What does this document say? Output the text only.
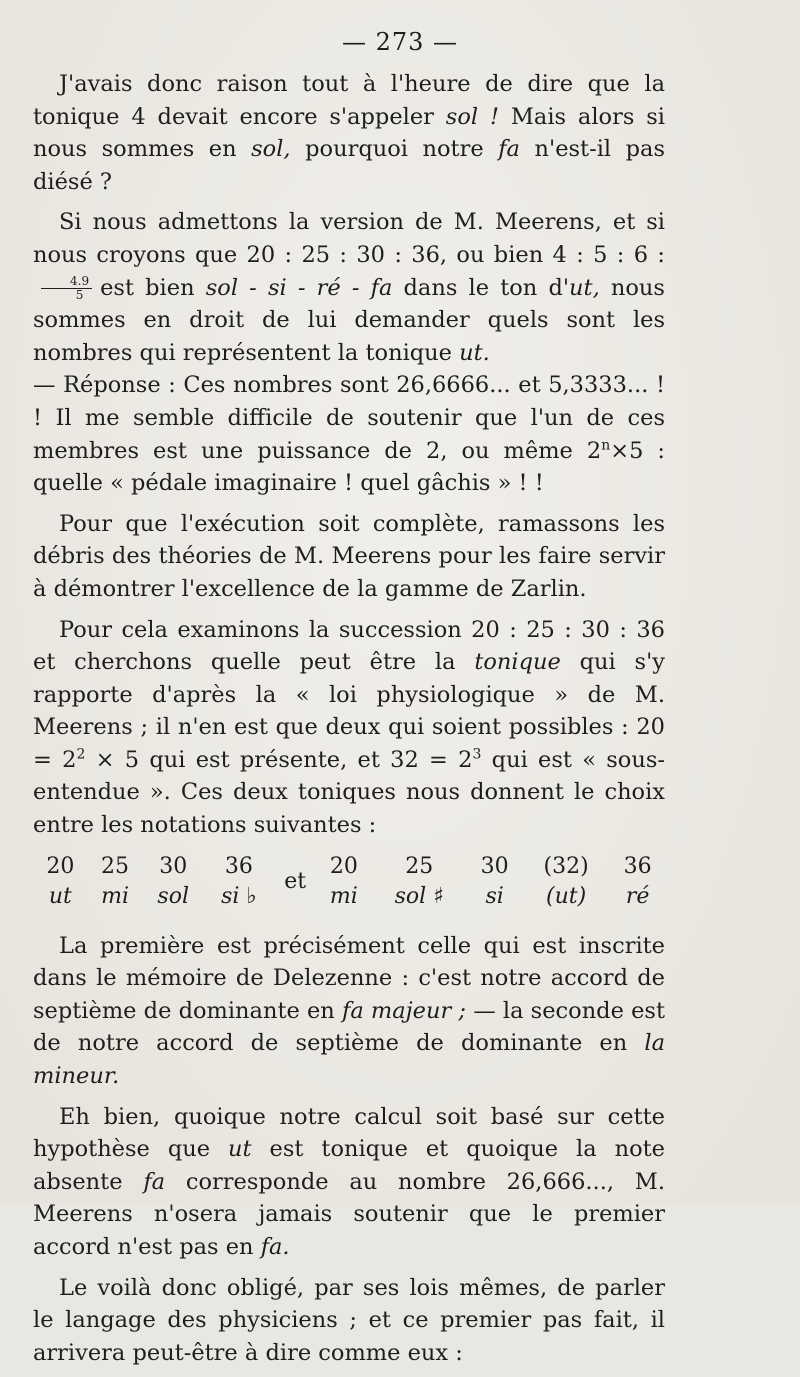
— 273 —

J'avais donc raison tout à l'heure de dire que la tonique 4 devait encore s'appeler sol ! Mais alors si nous sommes en sol, pourquoi notre fa n'est-il pas diésé ?

Si nous admettons la version de M. Meerens, et si nous croyons que 20 : 25 : 30 : 36, ou bien 4 : 5 : 6 :
$\frac{4.9}{5}$ est bien sol - si - ré - fa dans le ton d'ut, nous sommes en droit de lui demander quels sont les nombres qui représentent la tonique ut.
— Réponse : Ces nombres sont 26,6666... et 5,3333... ! ! Il me semble difficile de soutenir que l'un de ces membres est une puissance de 2, ou même $2^n\times 5$ : quelle « pédale imaginaire ! quel gâchis » ! !

Pour que l'exécution soit complète, ramassons les débris des théories de M. Meerens pour les faire servir à démontrer l'excellence de la gamme de Zarlin.

Pour cela examinons la succession 20 : 25 : 30 : 36 et cherchons quelle peut être la tonique qui s'y rapporte d'après la « loi physiologique » de M. Meerens ; il n'en est que deux qui soient possibles : $20 = 2^2 \times 5$ qui est présente, et $32 = 2^3$ qui est « sous-entendue ». Ces deux toniques nous donnent le choix entre les notations suivantes :

20	25	30	36	et	20	25	30	(32)	36
ut	mi	sol	si ♭		mi	sol ♯	si	(ut)	ré

La première est précisément celle qui est inscrite dans le mémoire de Delezenne : c'est notre accord de septième de dominante en fa majeur ; — la seconde est de notre accord de septième de dominante en la mineur.

Eh bien, quoique notre calcul soit basé sur cette hypothèse que ut est tonique et quoique la note absente fa corresponde au nombre 26,666..., M. Meerens n'osera jamais soutenir que le premier accord n'est pas en fa.

Le voilà donc obligé, par ses lois mêmes, de parler le langage des physiciens ; et ce premier pas fait, il arrivera peut-être à dire comme eux :
